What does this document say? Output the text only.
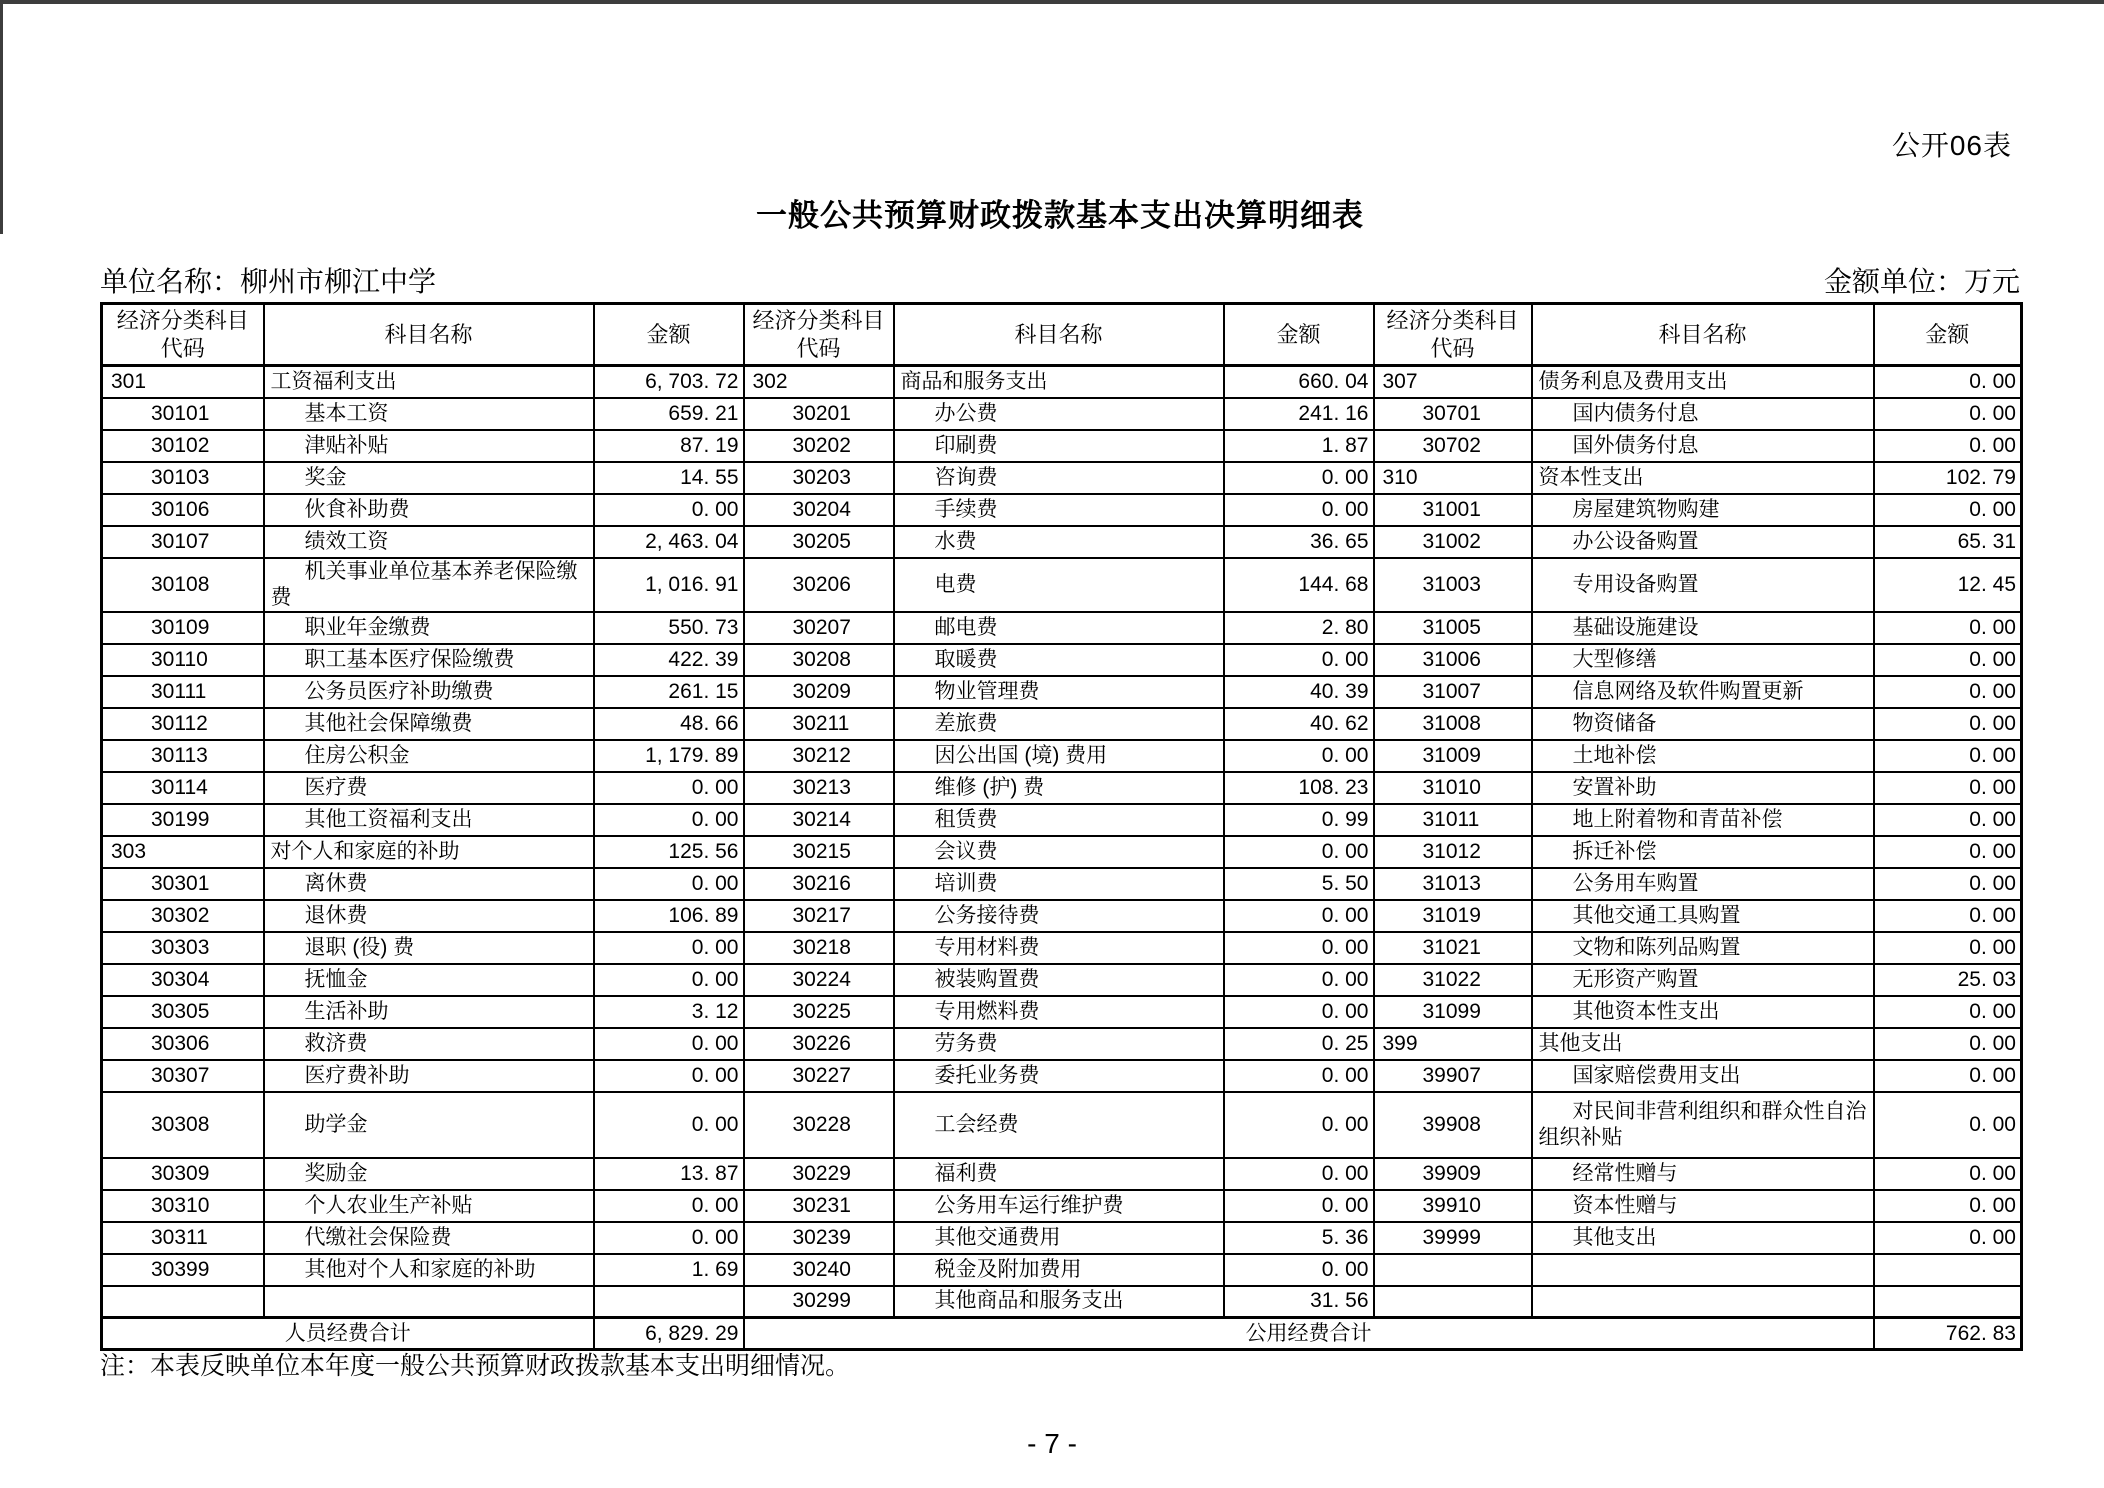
公开06表
一般公共预算财政拨款基本支出决算明细表
单位名称：柳州市柳江中学	金额单位：万元
经济分类科目代码	科目名称	金额	经济分类科目代码	科目名称	金额	经济分类科目代码	科目名称	金额
301	工资福利支出	6, 703. 72	302	商品和服务支出	660. 04	307	债务利息及费用支出	0. 00
30101	基本工资	659. 21	30201	办公费	241. 16	30701	国内债务付息	0. 00
30102	津贴补贴	87. 19	30202	印刷费	1. 87	30702	国外债务付息	0. 00
30103	奖金	14. 55	30203	咨询费	0. 00	310	资本性支出	102. 79
30106	伙食补助费	0. 00	30204	手续费	0. 00	31001	房屋建筑物购建	0. 00
30107	绩效工资	2, 463. 04	30205	水费	36. 65	31002	办公设备购置	65. 31
30108	机关事业单位基本养老保险缴费	1, 016. 91	30206	电费	144. 68	31003	专用设备购置	12. 45
30109	职业年金缴费	550. 73	30207	邮电费	2. 80	31005	基础设施建设	0. 00
30110	职工基本医疗保险缴费	422. 39	30208	取暖费	0. 00	31006	大型修缮	0. 00
30111	公务员医疗补助缴费	261. 15	30209	物业管理费	40. 39	31007	信息网络及软件购置更新	0. 00
30112	其他社会保障缴费	48. 66	30211	差旅费	40. 62	31008	物资储备	0. 00
30113	住房公积金	1, 179. 89	30212	因公出国 (境) 费用	0. 00	31009	土地补偿	0. 00
30114	医疗费	0. 00	30213	维修 (护) 费	108. 23	31010	安置补助	0. 00
30199	其他工资福利支出	0. 00	30214	租赁费	0. 99	31011	地上附着物和青苗补偿	0. 00
303	对个人和家庭的补助	125. 56	30215	会议费	0. 00	31012	拆迁补偿	0. 00
30301	离休费	0. 00	30216	培训费	5. 50	31013	公务用车购置	0. 00
30302	退休费	106. 89	30217	公务接待费	0. 00	31019	其他交通工具购置	0. 00
30303	退职 (役) 费	0. 00	30218	专用材料费	0. 00	31021	文物和陈列品购置	0. 00
30304	抚恤金	0. 00	30224	被装购置费	0. 00	31022	无形资产购置	25. 03
30305	生活补助	3. 12	30225	专用燃料费	0. 00	31099	其他资本性支出	0. 00
30306	救济费	0. 00	30226	劳务费	0. 25	399	其他支出	0. 00
30307	医疗费补助	0. 00	30227	委托业务费	0. 00	39907	国家赔偿费用支出	0. 00
30308	助学金	0. 00	30228	工会经费	0. 00	39908	对民间非营利组织和群众性自治组织补贴	0. 00
30309	奖励金	13. 87	30229	福利费	0. 00	39909	经常性赠与	0. 00
30310	个人农业生产补贴	0. 00	30231	公务用车运行维护费	0. 00	39910	资本性赠与	0. 00
30311	代缴社会保险费	0. 00	30239	其他交通费用	5. 36	39999	其他支出	0. 00
30399	其他对个人和家庭的补助	1. 69	30240	税金及附加费用	0. 00			
			30299	其他商品和服务支出	31. 56			
人员经费合计		6, 829. 29	公用经费合计					762. 83
注：本表反映单位本年度一般公共预算财政拨款基本支出明细情况。
- 7 -
